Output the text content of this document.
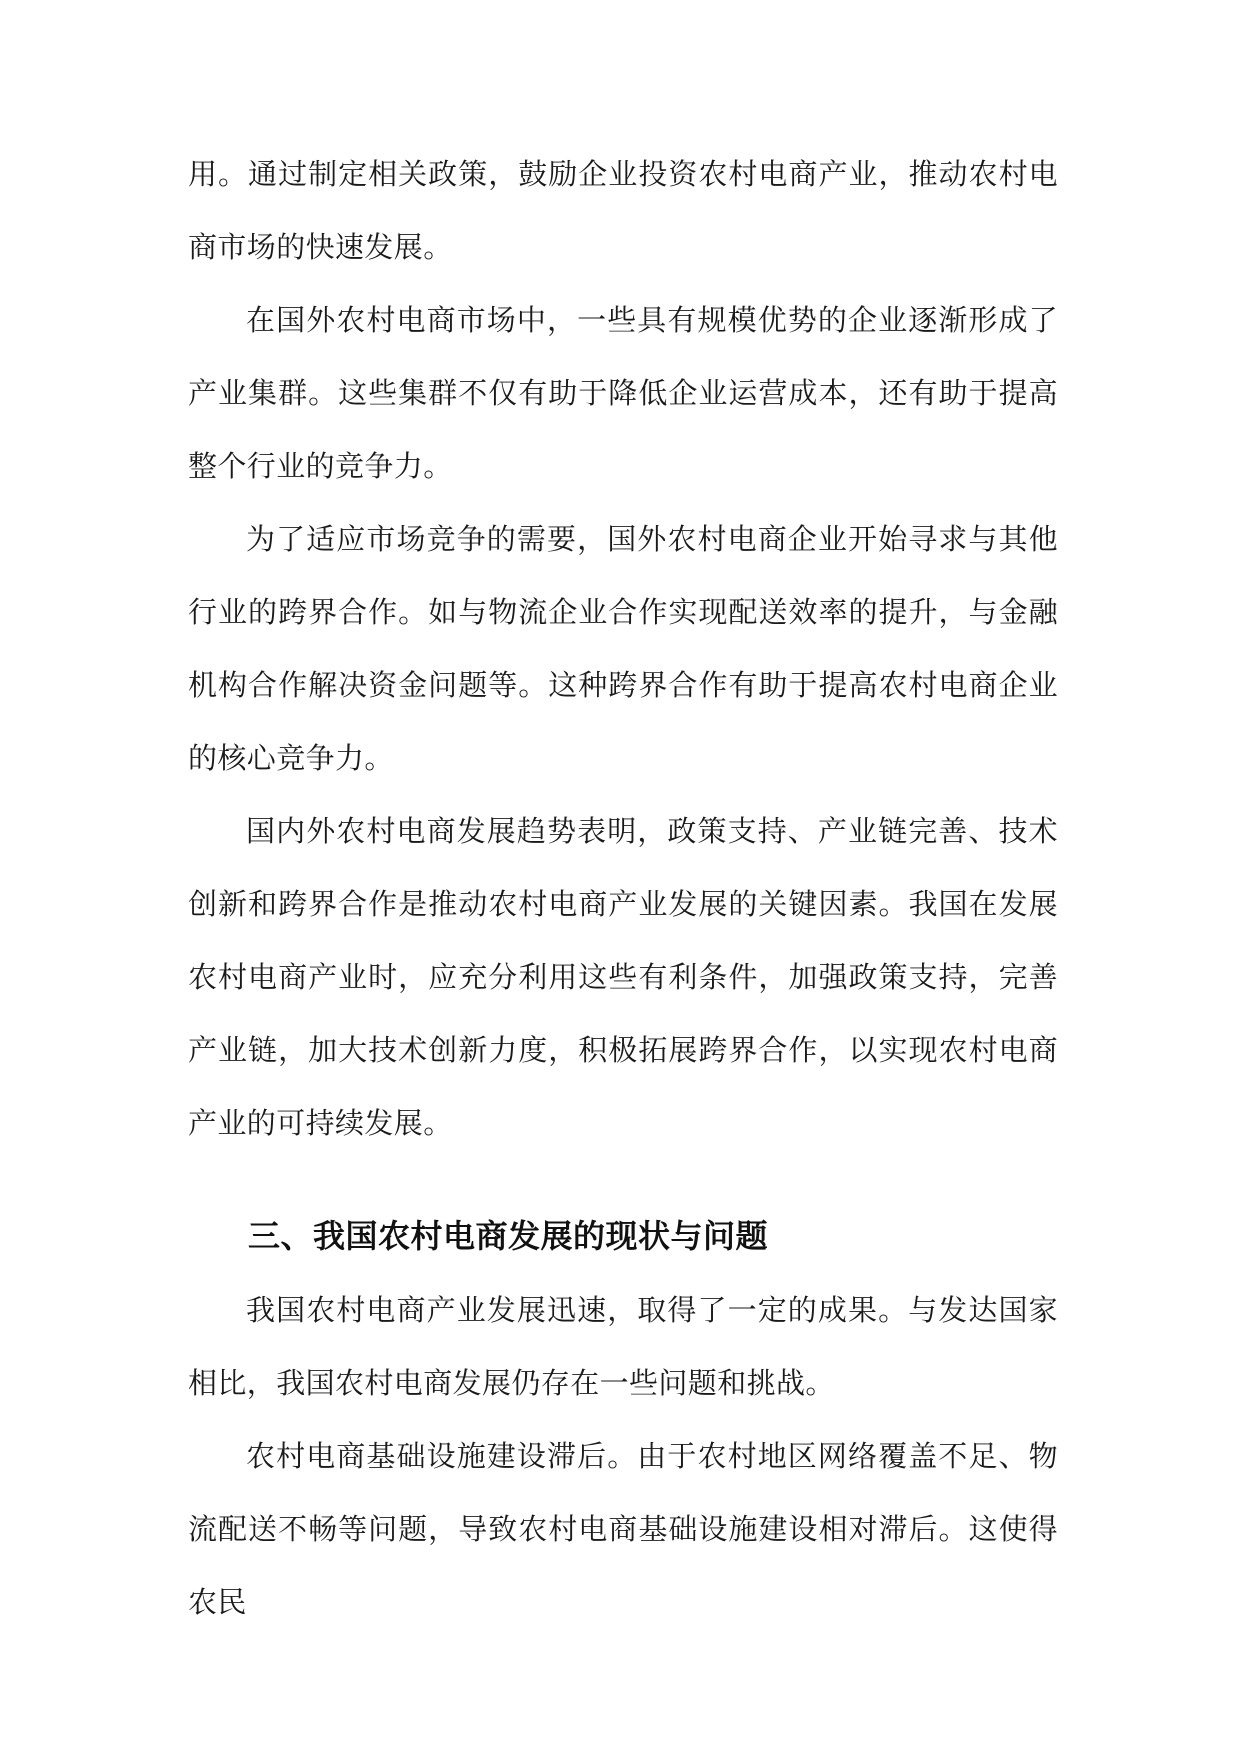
用。通过制定相关政策，鼓励企业投资农村电商产业，推动农村电商市场的快速发展。

在国外农村电商市场中，一些具有规模优势的企业逐渐形成了产业集群。这些集群不仅有助于降低企业运营成本，还有助于提高整个行业的竞争力。

为了适应市场竞争的需要，国外农村电商企业开始寻求与其他行业的跨界合作。如与物流企业合作实现配送效率的提升，与金融机构合作解决资金问题等。这种跨界合作有助于提高农村电商企业的核心竞争力。

国内外农村电商发展趋势表明，政策支持、产业链完善、技术创新和跨界合作是推动农村电商产业发展的关键因素。我国在发展农村电商产业时，应充分利用这些有利条件，加强政策支持，完善产业链，加大技术创新力度，积极拓展跨界合作，以实现农村电商产业的可持续发展。

三、我国农村电商发展的现状与问题

我国农村电商产业发展迅速，取得了一定的成果。与发达国家相比，我国农村电商发展仍存在一些问题和挑战。

农村电商基础设施建设滞后。由于农村地区网络覆盖不足、物流配送不畅等问题，导致农村电商基础设施建设相对滞后。这使得农民
